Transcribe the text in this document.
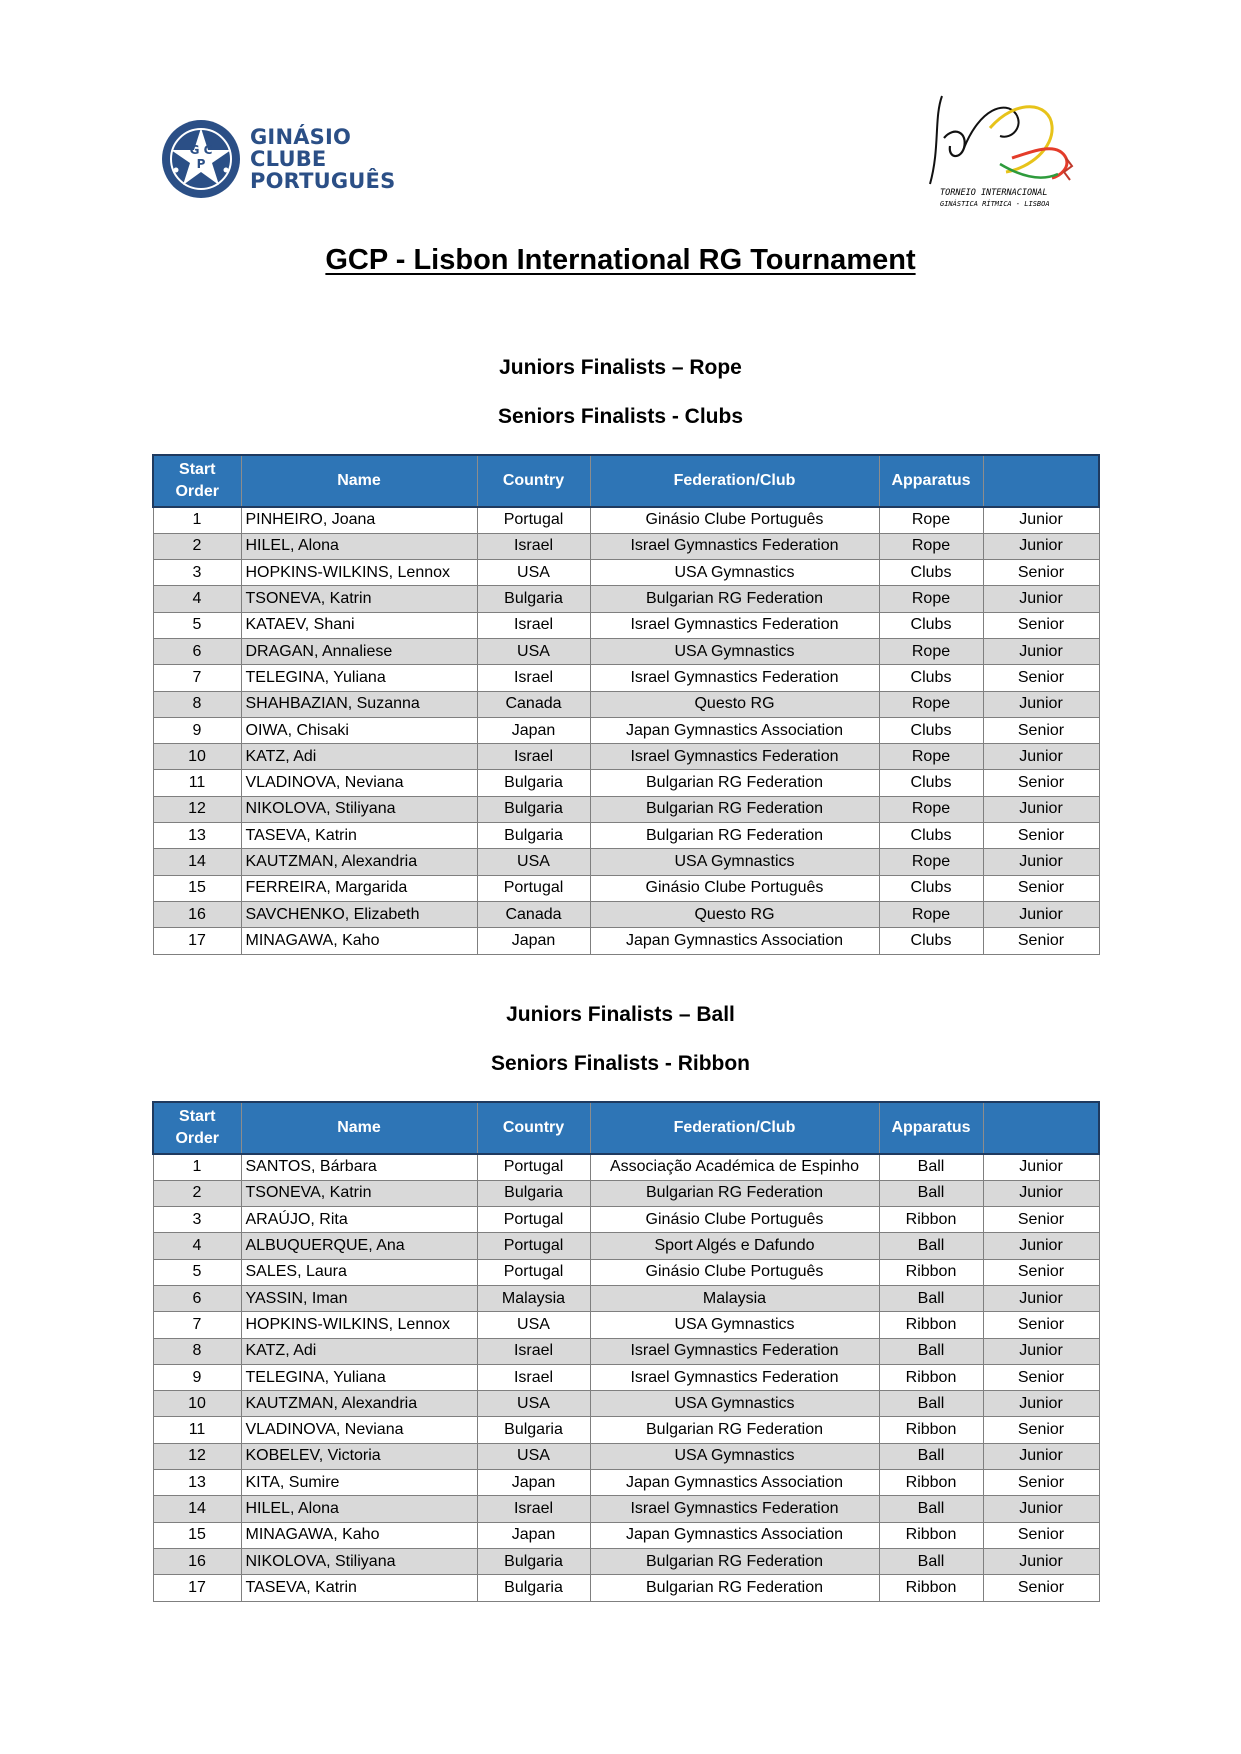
G C
P
GINÁSIO
CLUBE
PORTUGUÊS	TORNEIO INTERNACIONAL
GINÁSTICA RÍTMICA - LISBOA
GCP - Lisbon International RG Tournament
Juniors Finalists – Rope
Seniors Finalists - Clubs
Start Order	Name	Country	Federation/Club	Apparatus	
1	PINHEIRO, Joana	Portugal	Ginásio Clube Português	Rope	Junior
2	HILEL, Alona	Israel	Israel Gymnastics Federation	Rope	Junior
3	HOPKINS-WILKINS, Lennox	USA	USA Gymnastics	Clubs	Senior
4	TSONEVA, Katrin	Bulgaria	Bulgarian RG Federation	Rope	Junior
5	KATAEV, Shani	Israel	Israel Gymnastics Federation	Clubs	Senior
6	DRAGAN, Annaliese	USA	USA Gymnastics	Rope	Junior
7	TELEGINA, Yuliana	Israel	Israel Gymnastics Federation	Clubs	Senior
8	SHAHBAZIAN, Suzanna	Canada	Questo RG	Rope	Junior
9	OIWA, Chisaki	Japan	Japan Gymnastics Association	Clubs	Senior
10	KATZ, Adi	Israel	Israel Gymnastics Federation	Rope	Junior
11	VLADINOVA, Neviana	Bulgaria	Bulgarian RG Federation	Clubs	Senior
12	NIKOLOVA, Stiliyana	Bulgaria	Bulgarian RG Federation	Rope	Junior
13	TASEVA, Katrin	Bulgaria	Bulgarian RG Federation	Clubs	Senior
14	KAUTZMAN, Alexandria	USA	USA Gymnastics	Rope	Junior
15	FERREIRA, Margarida	Portugal	Ginásio Clube Português	Clubs	Senior
16	SAVCHENKO, Elizabeth	Canada	Questo RG	Rope	Junior
17	MINAGAWA, Kaho	Japan	Japan Gymnastics Association	Clubs	Senior
Juniors Finalists – Ball
Seniors Finalists - Ribbon
Start Order	Name	Country	Federation/Club	Apparatus	
1	SANTOS, Bárbara	Portugal	Associação Académica de Espinho	Ball	Junior
2	TSONEVA, Katrin	Bulgaria	Bulgarian RG Federation	Ball	Junior
3	ARAÚJO, Rita	Portugal	Ginásio Clube Português	Ribbon	Senior
4	ALBUQUERQUE, Ana	Portugal	Sport Algés e Dafundo	Ball	Junior
5	SALES, Laura	Portugal	Ginásio Clube Português	Ribbon	Senior
6	YASSIN, Iman	Malaysia	Malaysia	Ball	Junior
7	HOPKINS-WILKINS, Lennox	USA	USA Gymnastics	Ribbon	Senior
8	KATZ, Adi	Israel	Israel Gymnastics Federation	Ball	Junior
9	TELEGINA, Yuliana	Israel	Israel Gymnastics Federation	Ribbon	Senior
10	KAUTZMAN, Alexandria	USA	USA Gymnastics	Ball	Junior
11	VLADINOVA, Neviana	Bulgaria	Bulgarian RG Federation	Ribbon	Senior
12	KOBELEV, Victoria	USA	USA Gymnastics	Ball	Junior
13	KITA, Sumire	Japan	Japan Gymnastics Association	Ribbon	Senior
14	HILEL, Alona	Israel	Israel Gymnastics Federation	Ball	Junior
15	MINAGAWA, Kaho	Japan	Japan Gymnastics Association	Ribbon	Senior
16	NIKOLOVA, Stiliyana	Bulgaria	Bulgarian RG Federation	Ball	Junior
17	TASEVA, Katrin	Bulgaria	Bulgarian RG Federation	Ribbon	Senior
